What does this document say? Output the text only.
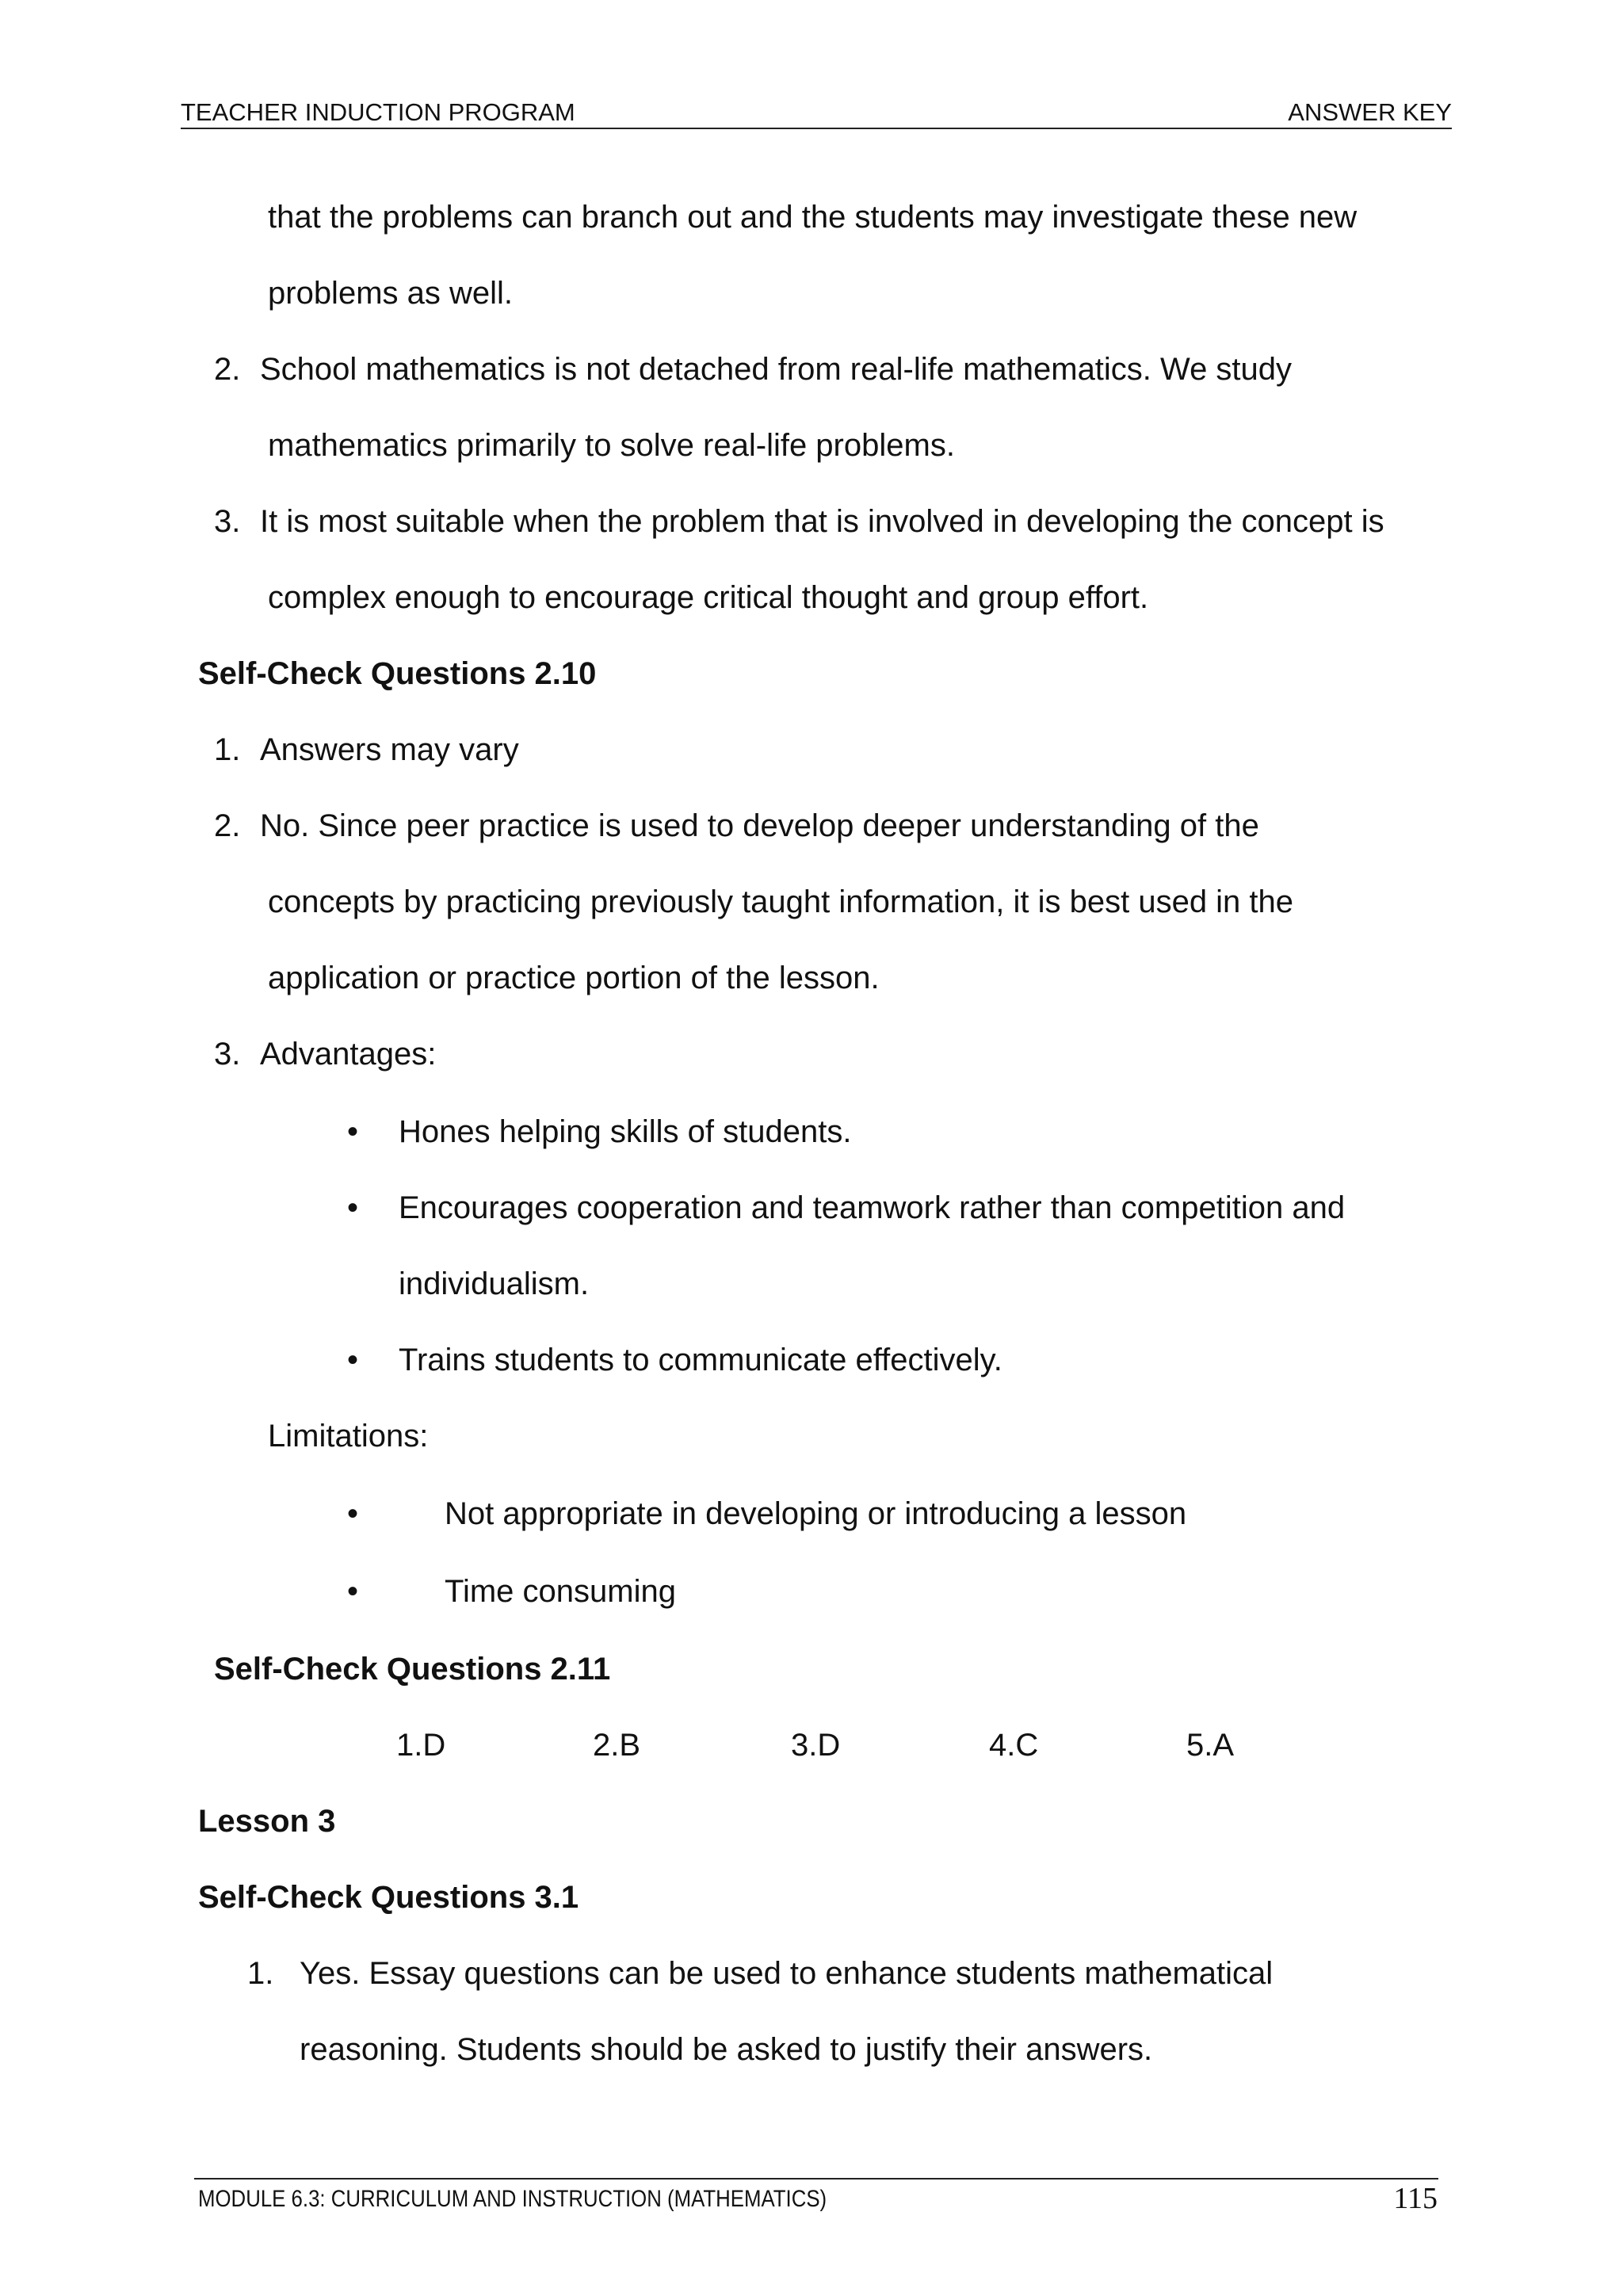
TEACHER INDUCTION PROGRAM	ANSWER KEY
that the problems can branch out and the students may investigate these new
problems as well.
2. School mathematics is not detached from real-life mathematics. We study
mathematics primarily to solve real-life problems.
3. It is most suitable when the problem that is involved in developing the concept is
complex enough to encourage critical thought and group effort.
Self-Check Questions 2.10
1. Answers may vary
2. No. Since peer practice is used to develop deeper understanding of the
concepts by practicing previously taught information, it is best used in the
application or practice portion of the lesson.
3. Advantages:
• Hones helping skills of students.
• Encourages cooperation and teamwork rather than competition and
individualism.
• Trains students to communicate effectively.
Limitations:
•	Not appropriate in developing or introducing a lesson
•	Time consuming
Self-Check Questions 2.11
1.D	2.B	3.D	4.C	5.A
Lesson 3
Self-Check Questions 3.1
1. Yes. Essay questions can be used to enhance students mathematical
reasoning. Students should be asked to justify their answers.
MODULE 6.3: CURRICULUM AND INSTRUCTION (MATHEMATICS)	115
